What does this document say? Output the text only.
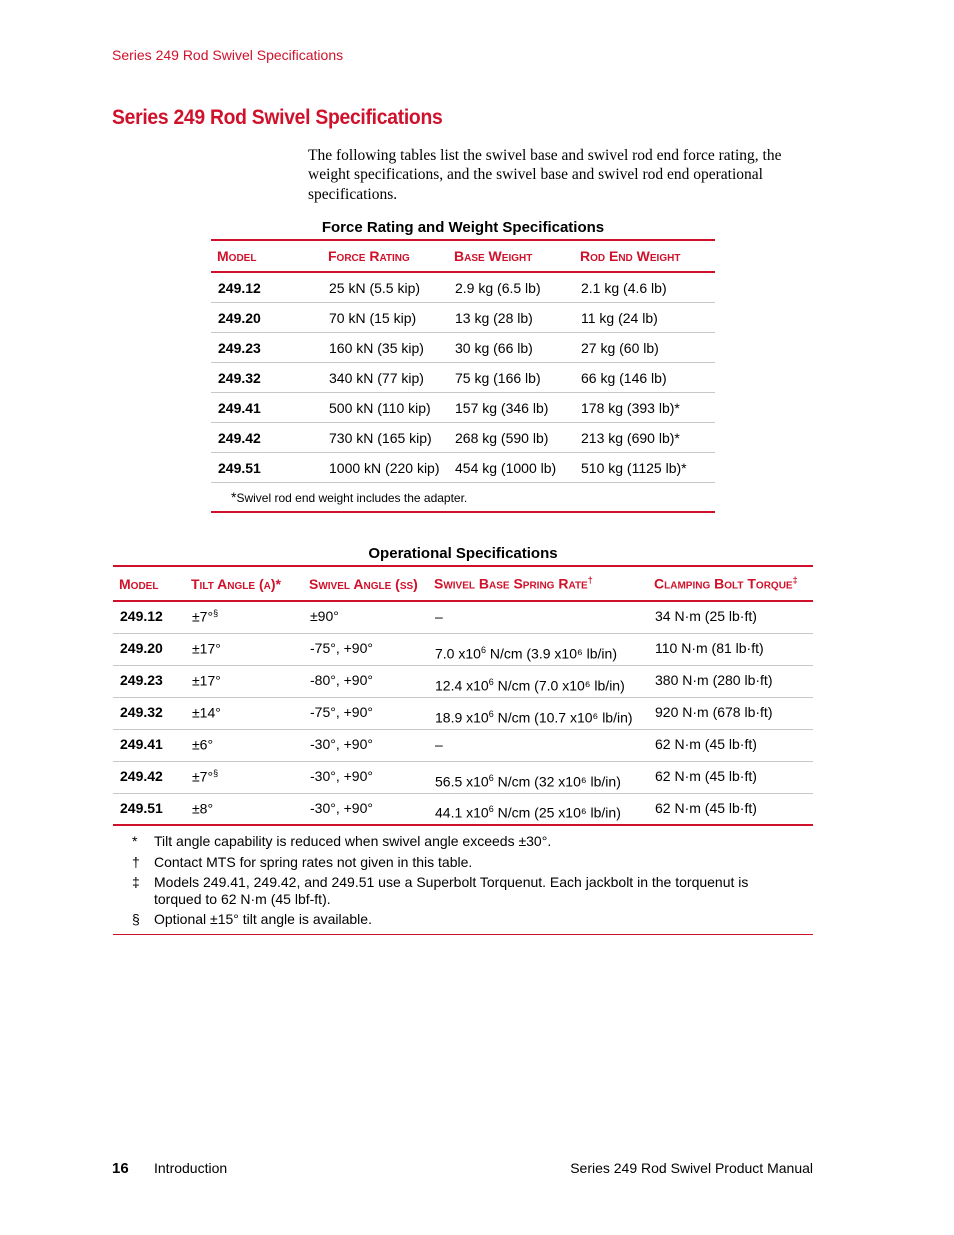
Series 249 Rod Swivel Specifications
Series 249 Rod Swivel Specifications

The following tables list the swivel base and swivel rod end force rating, the weight specifications, and the swivel base and swivel rod end operational specifications.

Force Rating and Weight Specifications
Model	Force Rating	Base Weight	Rod End Weight
249.12	25 kN (5.5 kip)	2.9 kg (6.5 lb)	2.1 kg (4.6 lb)
249.20	70 kN (15 kip)	13 kg (28 lb)	11 kg (24 lb)
249.23	160 kN (35 kip)	30 kg (66 lb)	27 kg (60 lb)
249.32	340 kN (77 kip)	75 kg (166 lb)	66 kg (146 lb)
249.41	500 kN (110 kip)	157 kg (346 lb)	178 kg (393 lb)*
249.42	730 kN (165 kip)	268 kg (590 lb)	213 kg (690 lb)*
249.51	1000 kN (220 kip)	454 kg (1000 lb)	510 kg (1125 lb)*
*Swivel rod end weight includes the adapter.			
Operational Specifications
Model	Tilt Angle (α)*	Swivel Angle (ß)	Swivel Base Spring Rate†	Clamping Bolt Torque‡
249.12	±7°§	±90°	–	34 N·m (25 lb·ft)
249.20	±17°	-75°, +90°	7.0 $x10^6$ N/cm (3.9 x10⁶ lb/in)	110 N·m (81 lb·ft)
249.23	±17°	-80°, +90°	12.4 $x10^6$ N/cm (7.0 x10⁶ lb/in)	380 N·m (280 lb·ft)
249.32	±14°	-75°, +90°	18.9 $x10^6$ N/cm (10.7 x10⁶ lb/in)	920 N·m (678 lb·ft)
249.41	±6°	-30°, +90°	–	62 N·m (45 lb·ft)
249.42	±7°§	-30°, +90°	56.5 $x10^6$ N/cm (32 x10⁶ lb/in)	62 N·m (45 lb·ft)
249.51	±8°	-30°, +90°	44.1 $x10^6$ N/cm (25 x10⁶ lb/in)	62 N·m (45 lb·ft)
* Tilt angle capability is reduced when swivel angle exceeds ±30°.
† Contact MTS for spring rates not given in this table.
‡ Models 249.41, 249.42, and 249.51 use a Superbolt Torquenut. Each jackbolt in the torquenut is torqued to 62 N·m (45 lbf-ft).
§ Optional ±15° tilt angle is available.
16 Introduction	Series 249 Rod Swivel Product Manual
